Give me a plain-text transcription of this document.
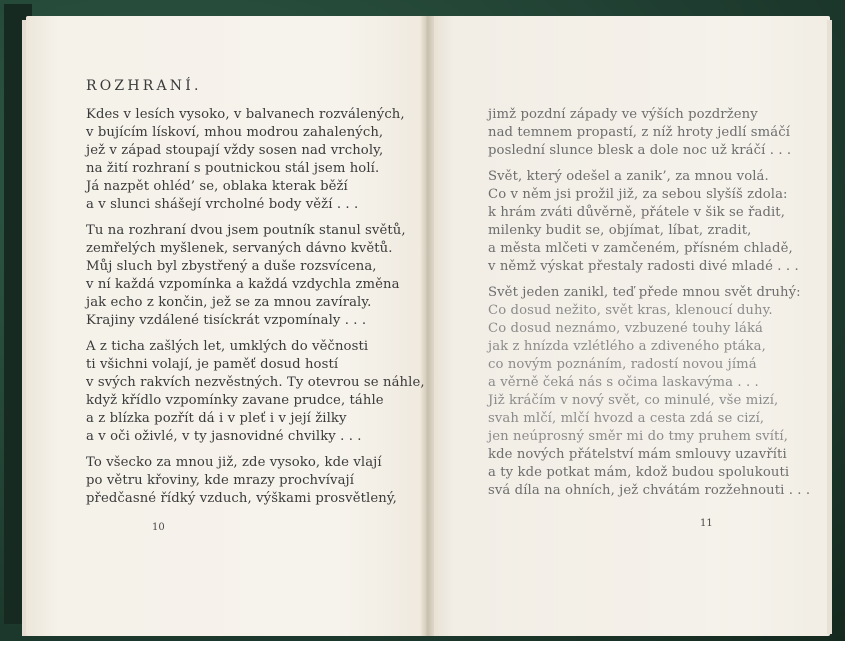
ROZHRANÍ.
Kdes v lesích vysoko, v balvanech rozválených,
v bujícím lískoví, mhou modrou zahalených,
jež v západ stoupají vždy sosen nad vrcholy,
na žití rozhraní s poutnickou stál jsem holí.
Já nazpět ohléd’ se, oblaka kterak běží
a v slunci shášejí vrcholné body věží . . .
Tu na rozhraní dvou jsem poutník stanul světů,
zemřelých myšlenek, servaných dávno květů.
Můj sluch byl zbystřený a duše rozsvícena,
v ní každá vzpomínka a každá vzdychla změna
jak echo z končin, jež se za mnou zavíraly.
Krajiny vzdálené tisíckrát vzpomínaly . . .
A z ticha zašlých let, umklých do věčnosti
ti všichni volají, je paměť dosud hostí
v svých rakvích nezvěstných. Ty otevrou se náhle,
když křídlo vzpomínky zavane prudce, táhle
a z blízka pozřít dá i v pleť i v její žilky
a v oči oživlé, v ty jasnovidné chvilky . . .
To všecko za mnou již, zde vysoko, kde vlají
po větru křoviny, kde mrazy prochvívají
předčasné řídký vzduch, výškami prosvětlený,
10
jimž pozdní západy ve výších pozdrženy
nad temnem propastí, z níž hroty jedlí smáčí
poslední slunce blesk a dole noc už kráčí . . .
Svět, který odešel a zanik’, za mnou volá.
Co v něm jsi prožil již, za sebou slyšíš zdola:
k hrám zváti důvěrně, přátele v šik se řadit,
milenky budit se, objímat, líbat, zradit,
a města mlčeti v zamčeném, přísném chladě,
v němž výskat přestaly radosti divé mladé . . .
Svět jeden zanikl, teď přede mnou svět druhý:
Co dosud nežito, svět kras, klenoucí duhy.
Co dosud neznámo, vzbuzené touhy láká
jak z hnízda vzlétlého a zdiveného ptáka,
co novým poznáním, radostí novou jímá
a věrně čeká nás s očima laskavýma . . .
Již kráčím v nový svět, co minulé, vše mizí,
svah mlčí, mlčí hvozd a cesta zdá se cizí,
jen neúprosný směr mi do tmy pruhem svítí,
kde nových přátelství mám smlouvy uzavříti
a ty kde potkat mám, kdož budou spolukouti
svá díla na ohních, jež chvátám rozžehnouti . . .
11
